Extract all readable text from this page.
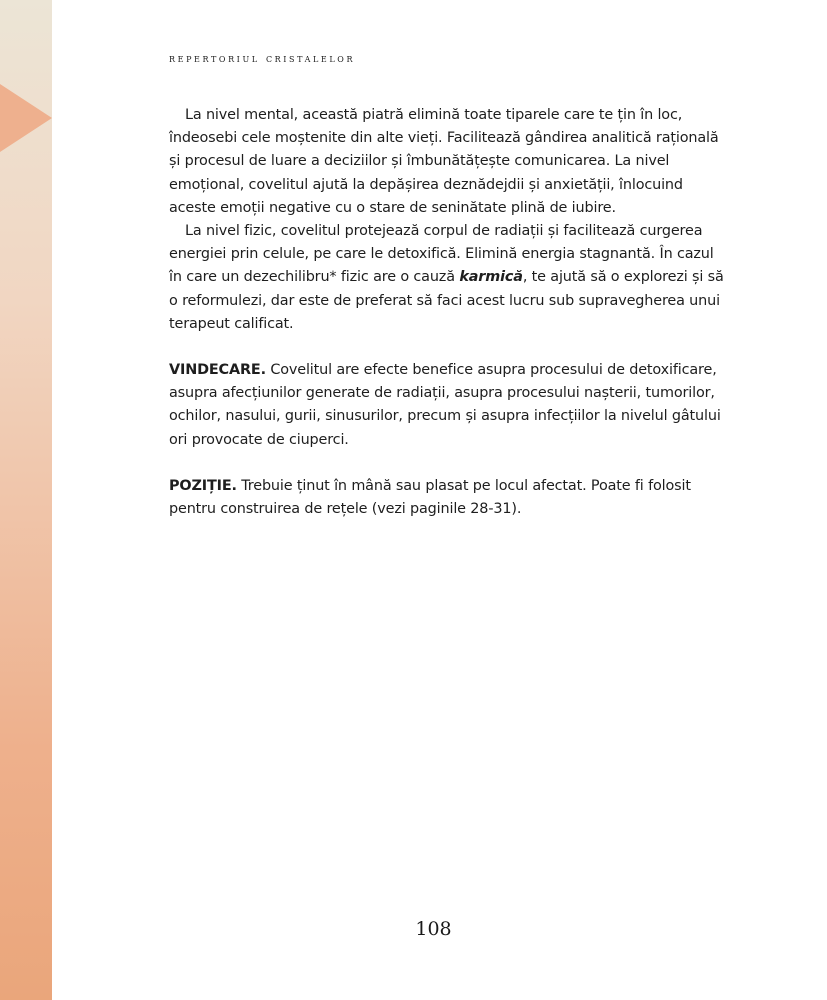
repertoriul cristalelor

La nivel mental, această piatră elimină toate tiparele care te țin în loc, îndeosebi cele moștenite din alte vieți. Facilitează gândirea analitică rațională și procesul de luare a deciziilor și îmbunătățește comunicarea. La nivel emoțional, covelitul ajută la depășirea deznădejdii și anxietății, înlocuind aceste emoții negative cu o stare de seninătate plină de iubire.

La nivel fizic, covelitul protejează corpul de radiații și facilitează curgerea energiei prin celule, pe care le detoxifică. Elimină energia stagnantă. În cazul în care un dezechilibru* fizic are o cauză karmică, te ajută să o explorezi și să o reformulezi, dar este de preferat să faci acest lucru sub supravegherea unui terapeut calificat.

VINDECARE. Covelitul are efecte benefice asupra procesului de detoxificare, asupra afecțiunilor generate de radiații, asupra procesului nașterii, tumorilor, ochilor, nasului, gurii, sinusurilor, precum și asupra infecțiilor la nivelul gâtului ori provocate de ciuperci.

POZIȚIE. Trebuie ținut în mână sau plasat pe locul afectat. Poate fi folosit pentru construirea de rețele (vezi paginile 28-31).

108
